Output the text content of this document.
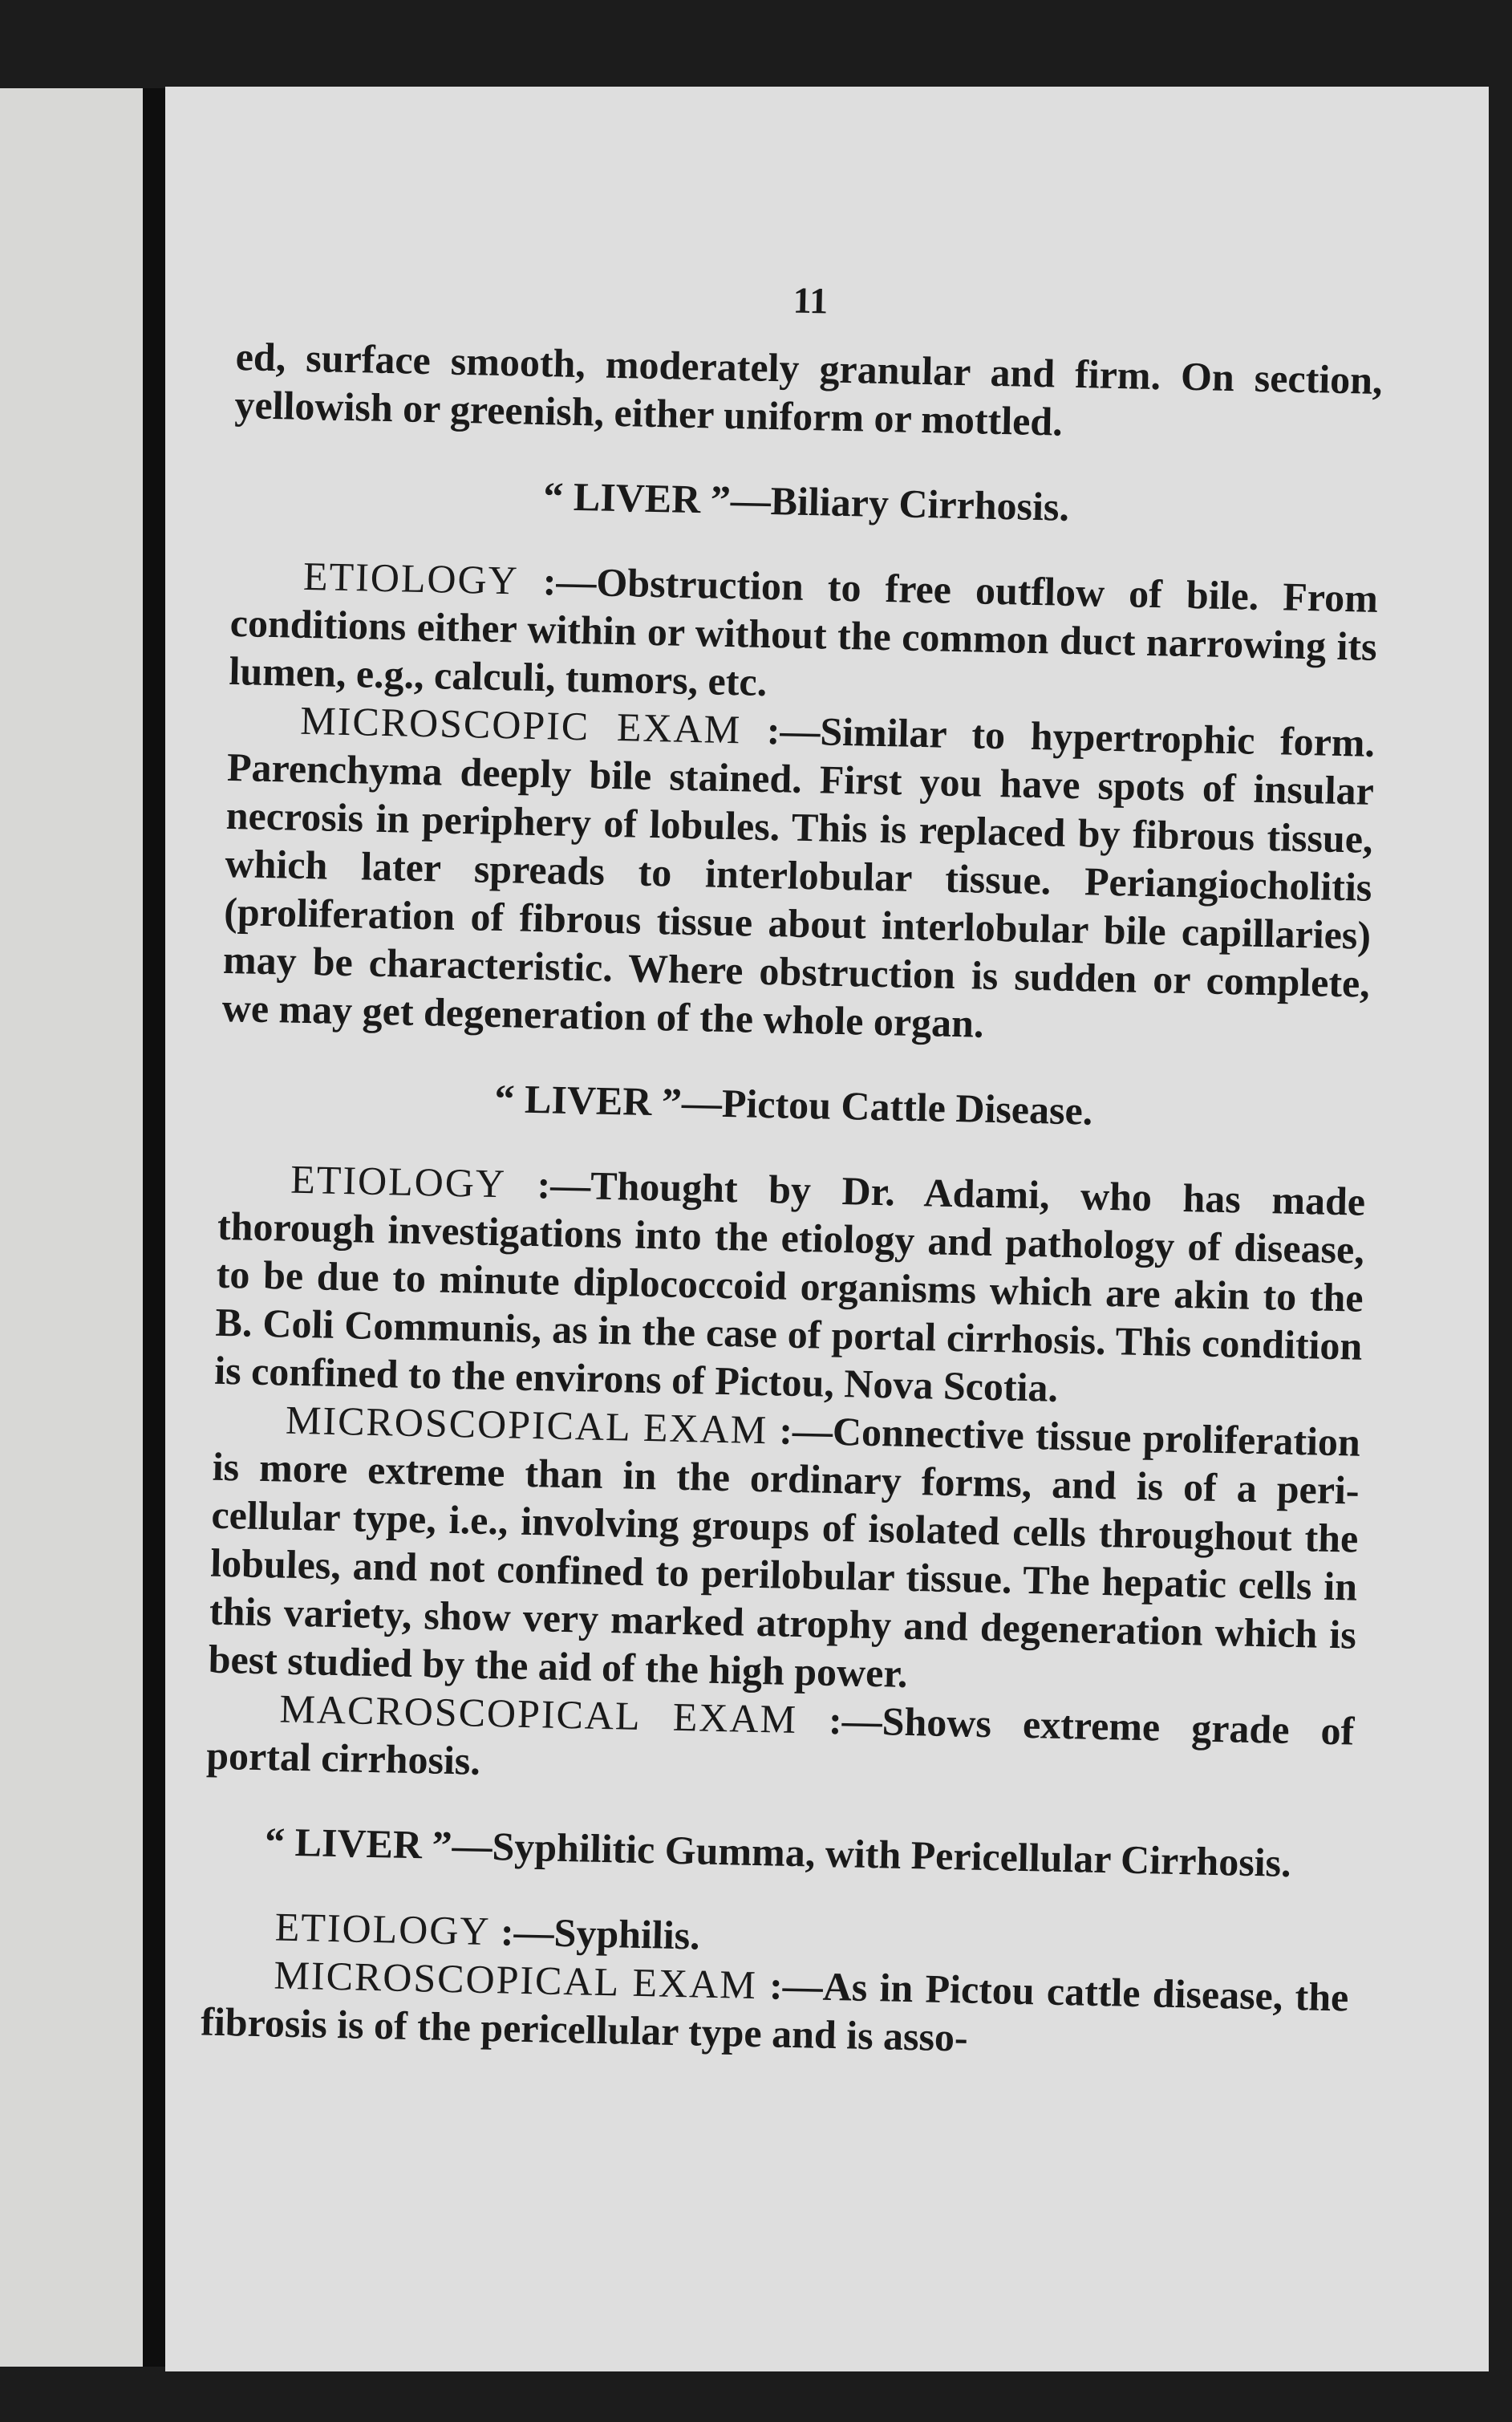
11

ed, surface smooth, moderately granular and firm. On section, yellowish or greenish, either uniform or mottled.

“ LIVER ”—Biliary Cirrhosis.

ETIOLOGY :—Obstruction to free outflow of bile. From conditions either within or without the common duct narrowing its lumen, e.g., calculi, tumors, etc.

MICROSCOPIC EXAM :—Similar to hypertrophic form. Parenchyma deeply bile stained. First you have spots of insular necrosis in periphery of lobules. This is replaced by fibrous tissue, which later spreads to interlobular tissue. Periangiocholitis (proliferation of fibrous tissue about interlobular bile capillaries) may be characteristic. Where obstruction is sudden or complete, we may get degeneration of the whole organ.

“ LIVER ”—Pictou Cattle Disease.

ETIOLOGY :—Thought by Dr. Adami, who has made thorough investigations into the etiology and pathology of disease, to be due to minute diplococcoid organisms which are akin to the B. Coli Communis, as in the case of portal cirrhosis. This condition is confined to the environs of Pictou, Nova Scotia.

MICROSCOPICAL EXAM :—Connective tissue proliferation is more extreme than in the ordinary forms, and is of a peri-cellular type, i.e., involving groups of isolated cells throughout the lobules, and not confined to perilobular tissue. The hepatic cells in this variety, show very marked atrophy and degeneration which is best studied by the aid of the high power.

MACROSCOPICAL EXAM :—Shows extreme grade of portal cirrhosis.

“ LIVER ”—Syphilitic Gumma, with Pericellular Cirrhosis.

ETIOLOGY :—Syphilis.

MICROSCOPICAL EXAM :—As in Pictou cattle disease, the fibrosis is of the pericellular type and is asso-
